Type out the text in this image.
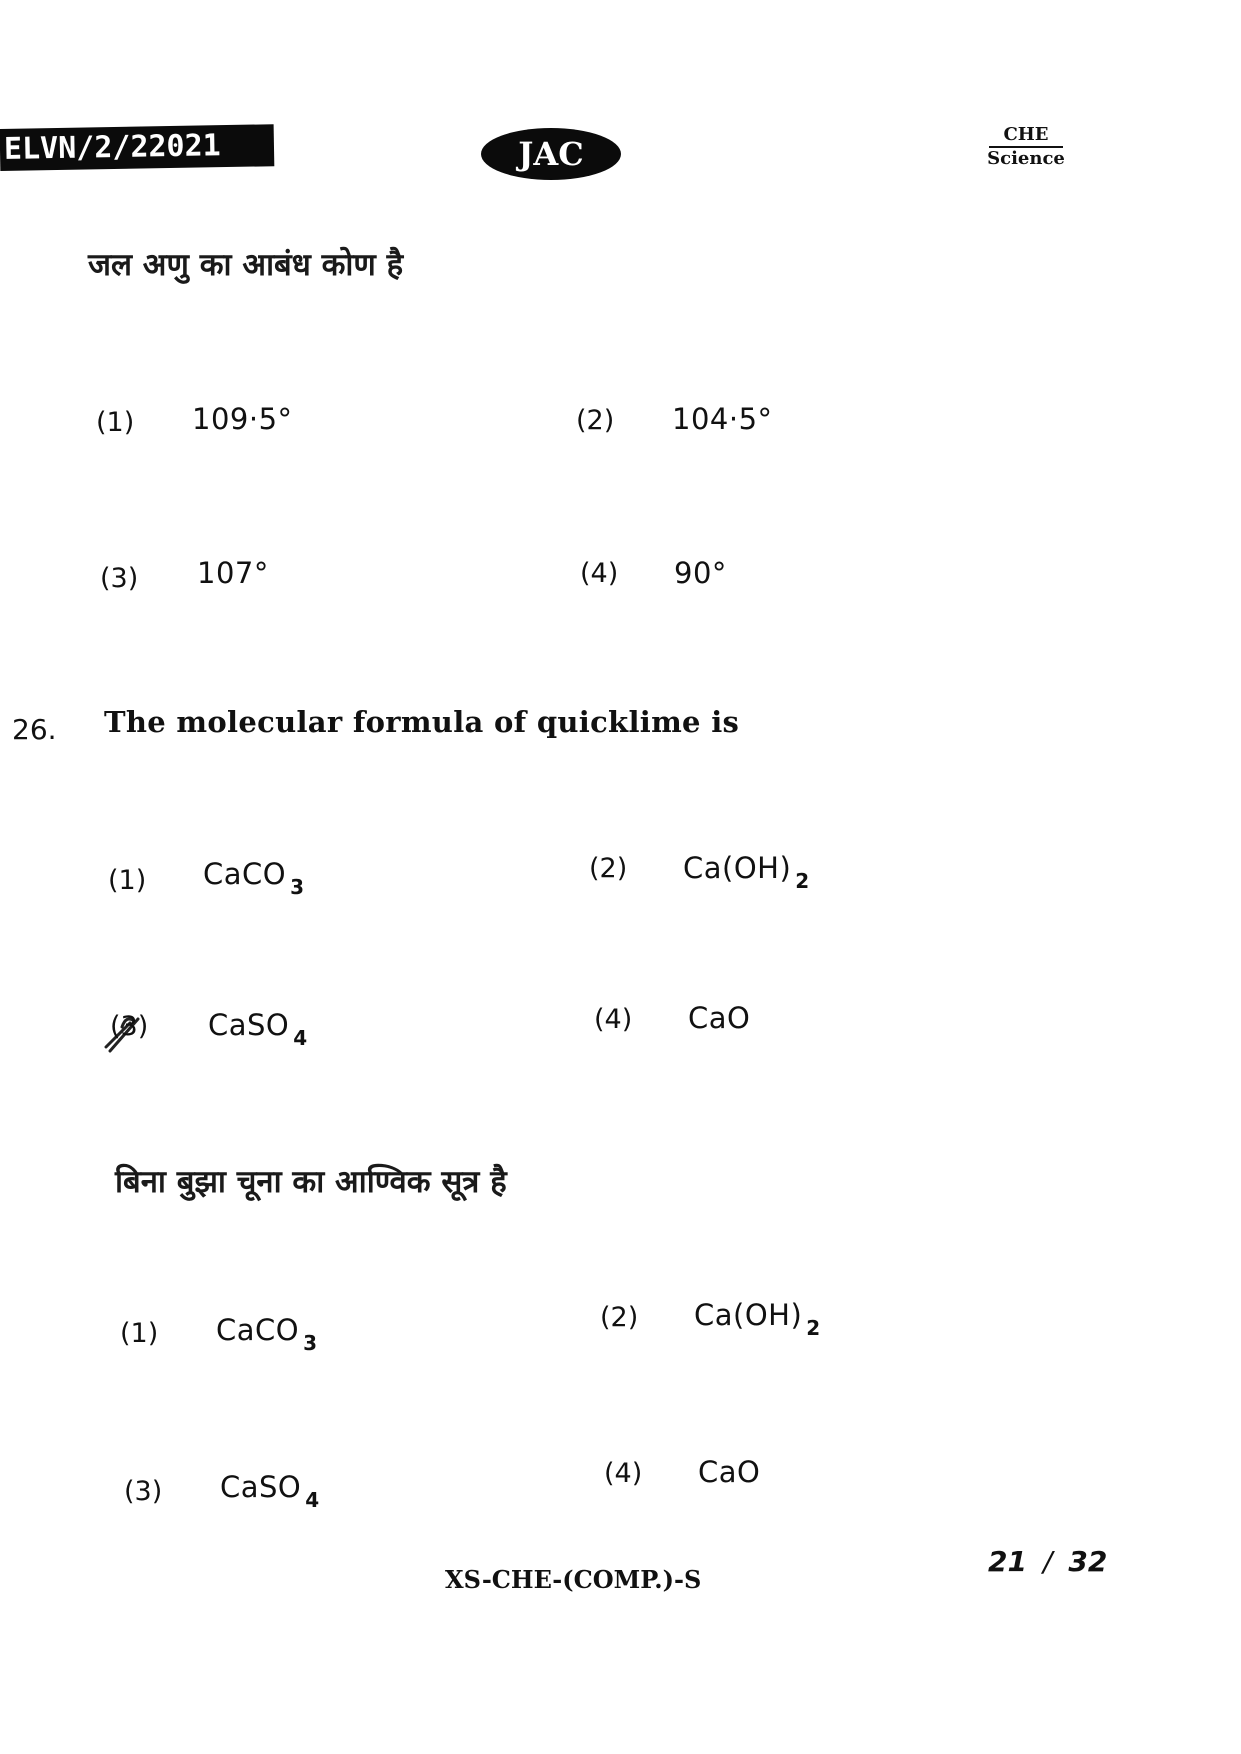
ELVN/2/22021	JAC
CHE
Science
जल अणु का आबंध कोण है
(1) 109·5°	(2) 104·5°
(3) 107°	(4) 90°
26. The molecular formula of quicklime is
(1) CaCO $_3$
(2) Ca(OH) $_2$
(3) CaSO $_4$
(4) CaO
बिना बुझा चूना का आण्विक सूत्र है
(1) CaCO $_3$
(2) Ca(OH) $_2$
(3) CaSO $_4$
(4) CaO
XS-CHE-(COMP.)-S
21 / 32
